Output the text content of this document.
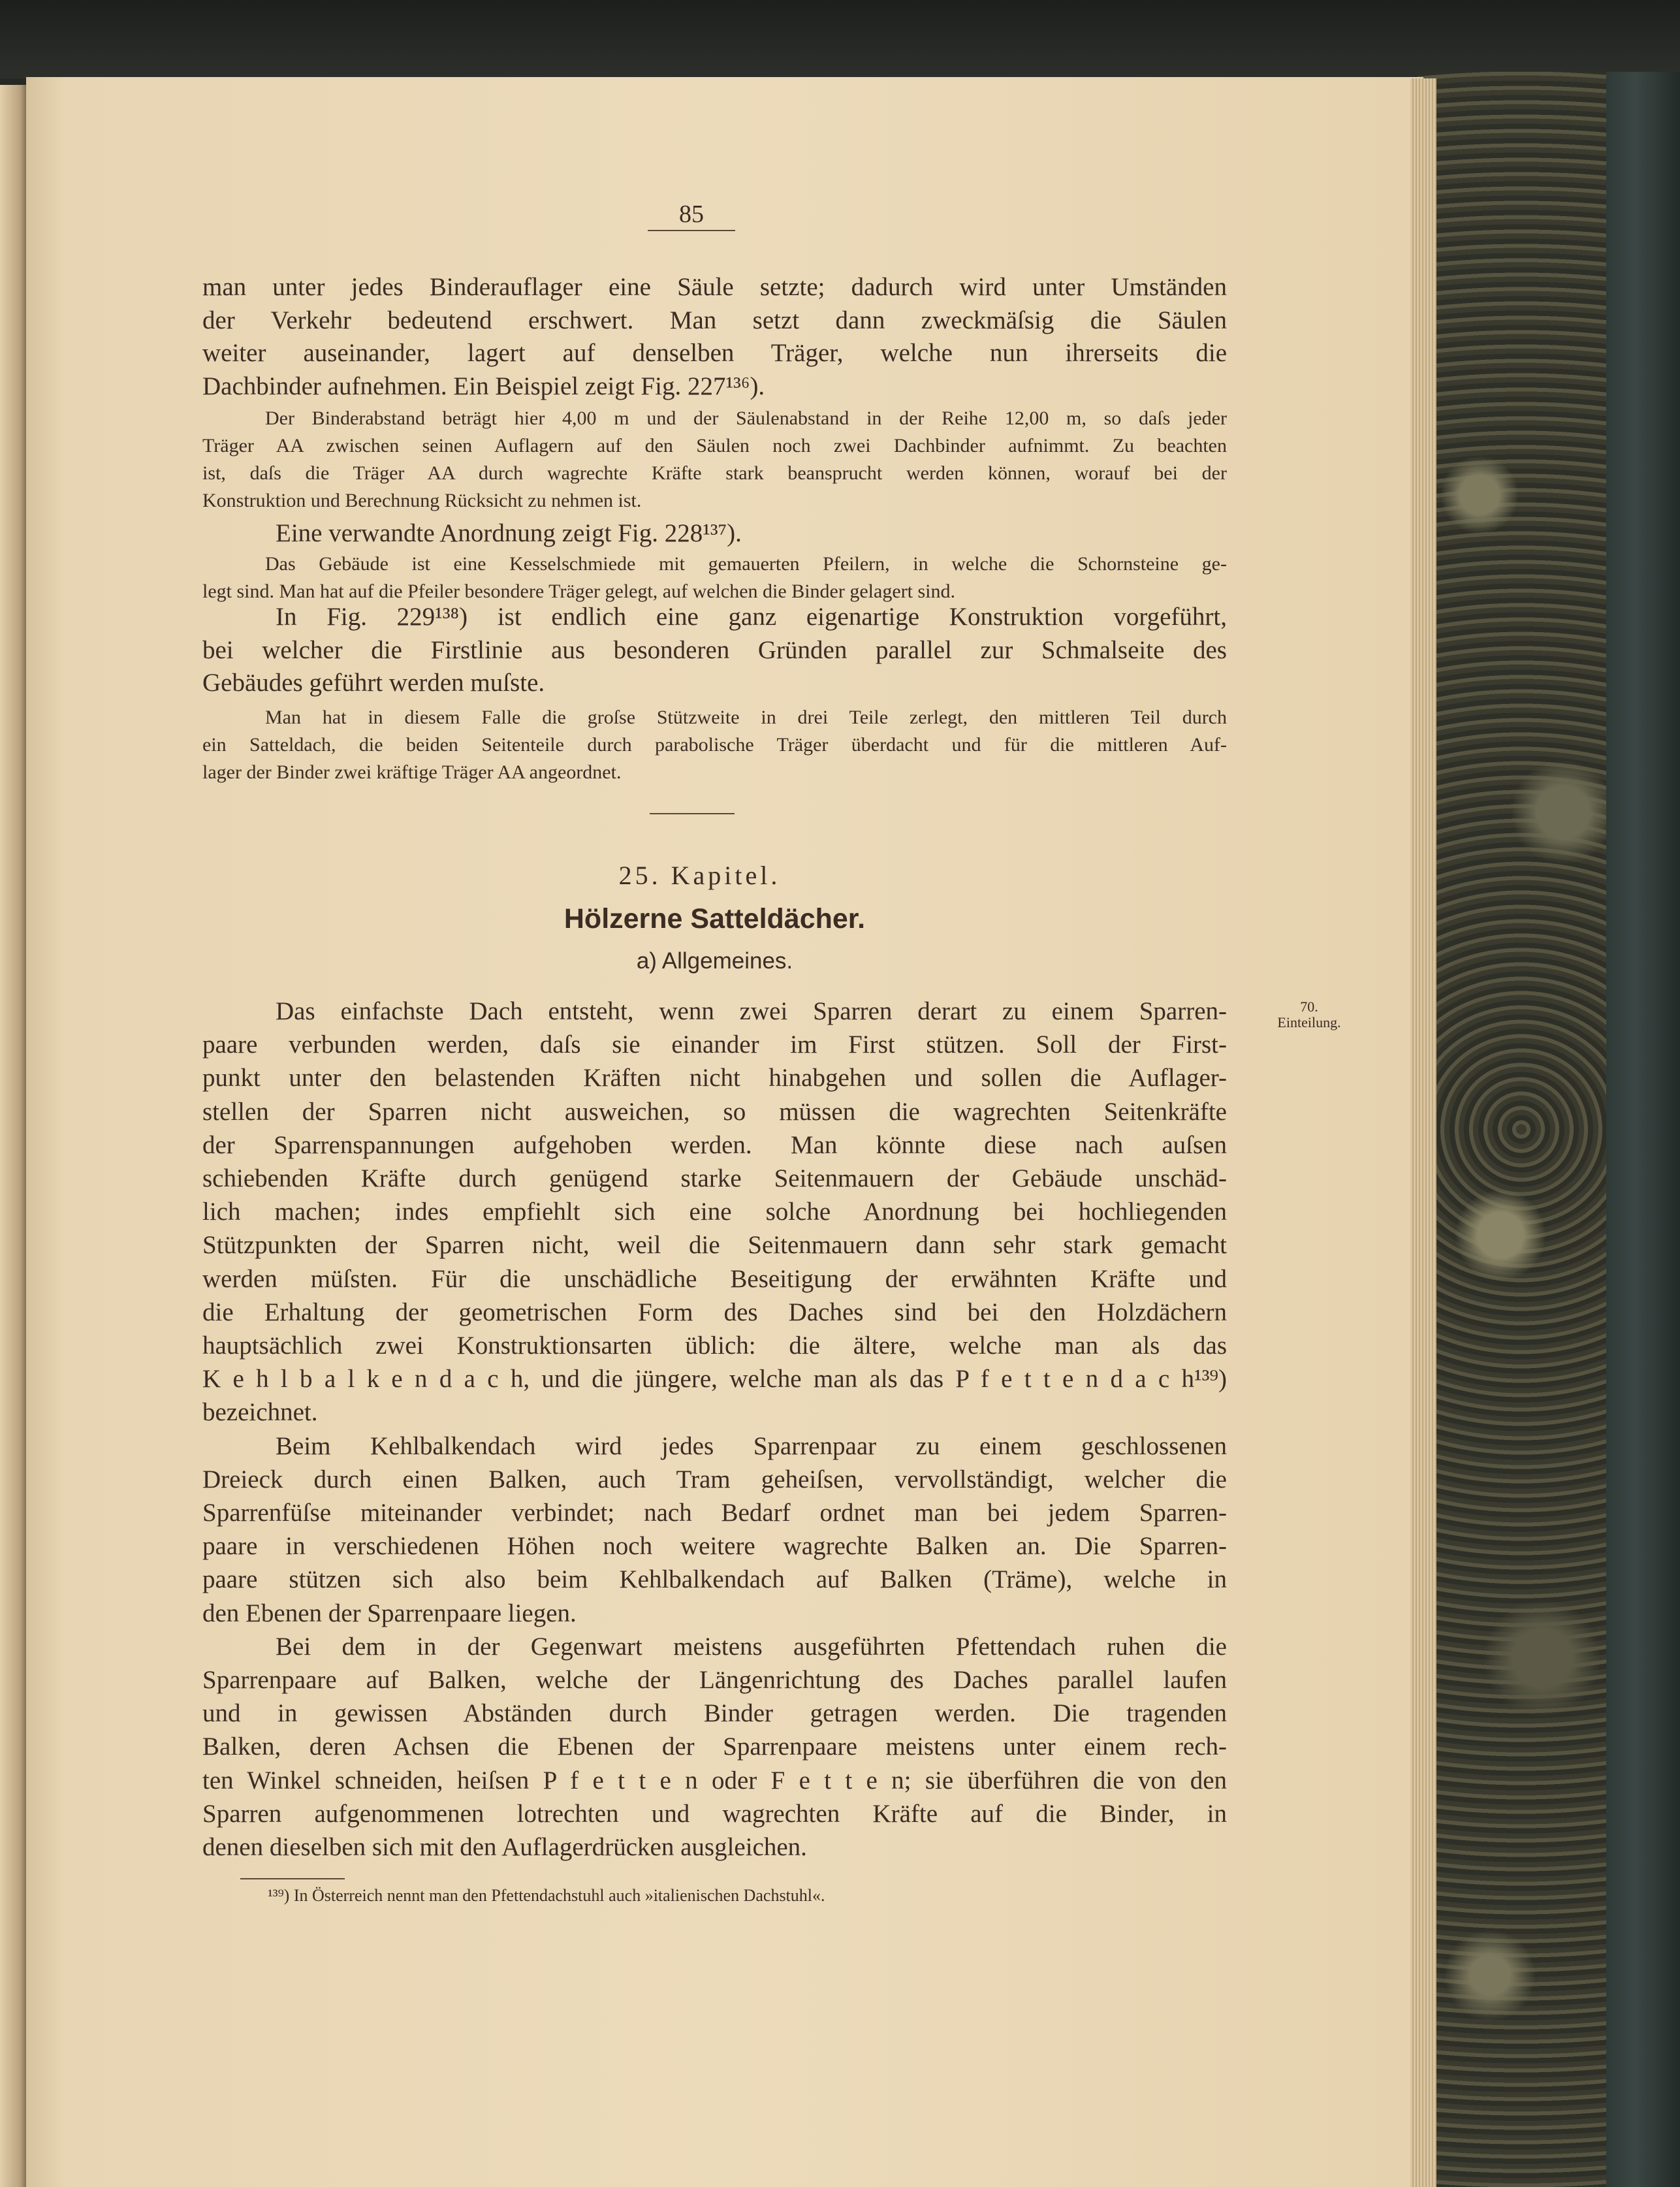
85
man unter jedes Binderauflager eine Säule setzte; dadurch wird unter Umständen
der Verkehr bedeutend erschwert. Man setzt dann zweckmäſsig die Säulen
weiter auseinander, lagert auf denselben Träger, welche nun ihrerseits die
Dachbinder aufnehmen. Ein Beispiel zeigt Fig. 227¹³⁶).
Der Binderabstand beträgt hier 4,00 m und der Säulenabstand in der Reihe 12,00 m, so daſs jeder
Träger AA zwischen seinen Auflagern auf den Säulen noch zwei Dachbinder aufnimmt. Zu beachten
ist, daſs die Träger AA durch wagrechte Kräfte stark beansprucht werden können, worauf bei der
Konstruktion und Berechnung Rücksicht zu nehmen ist.
Eine verwandte Anordnung zeigt Fig. 228¹³⁷).
Das Gebäude ist eine Kesselschmiede mit gemauerten Pfeilern, in welche die Schornsteine ge-
legt sind. Man hat auf die Pfeiler besondere Träger gelegt, auf welchen die Binder gelagert sind.
In Fig. 229¹³⁸) ist endlich eine ganz eigenartige Konstruktion vorgeführt,
bei welcher die Firstlinie aus besonderen Gründen parallel zur Schmalseite des
Gebäudes geführt werden muſste.
Man hat in diesem Falle die groſse Stützweite in drei Teile zerlegt, den mittleren Teil durch
ein Satteldach, die beiden Seitenteile durch parabolische Träger überdacht und für die mittleren Auf-
lager der Binder zwei kräftige Träger AA angeordnet.
25. Kapitel.
Hölzerne Satteldächer.
a) Allgemeines.
70.
Einteilung.
Das einfachste Dach entsteht, wenn zwei Sparren derart zu einem Sparren-
paare verbunden werden, daſs sie einander im First stützen. Soll der First-
punkt unter den belastenden Kräften nicht hinabgehen und sollen die Auflager-
stellen der Sparren nicht ausweichen, so müssen die wagrechten Seitenkräfte
der Sparrenspannungen aufgehoben werden. Man könnte diese nach auſsen
schiebenden Kräfte durch genügend starke Seitenmauern der Gebäude unschäd-
lich machen; indes empfiehlt sich eine solche Anordnung bei hochliegenden
Stützpunkten der Sparren nicht, weil die Seitenmauern dann sehr stark gemacht
werden müſsten. Für die unschädliche Beseitigung der erwähnten Kräfte und
die Erhaltung der geometrischen Form des Daches sind bei den Holzdächern
hauptsächlich zwei Konstruktionsarten üblich: die ältere, welche man als das
K e h l b a l k e n d a c h, und die jüngere, welche man als das P f e t t e n d a c h¹³⁹)
bezeichnet.
Beim Kehlbalkendach wird jedes Sparrenpaar zu einem geschlossenen
Dreieck durch einen Balken, auch Tram geheiſsen, vervollständigt, welcher die
Sparrenfüſse miteinander verbindet; nach Bedarf ordnet man bei jedem Sparren-
paare in verschiedenen Höhen noch weitere wagrechte Balken an. Die Sparren-
paare stützen sich also beim Kehlbalkendach auf Balken (Träme), welche in
den Ebenen der Sparrenpaare liegen.
Bei dem in der Gegenwart meistens ausgeführten Pfettendach ruhen die
Sparrenpaare auf Balken, welche der Längenrichtung des Daches parallel laufen
und in gewissen Abständen durch Binder getragen werden. Die tragenden
Balken, deren Achsen die Ebenen der Sparrenpaare meistens unter einem rech-
ten Winkel schneiden, heiſsen P f e t t e n oder F e t t e n; sie überführen die von den
Sparren aufgenommenen lotrechten und wagrechten Kräfte auf die Binder, in
denen dieselben sich mit den Auflagerdrücken ausgleichen.
¹³⁹) In Österreich nennt man den Pfettendachstuhl auch »italienischen Dachstuhl«.
